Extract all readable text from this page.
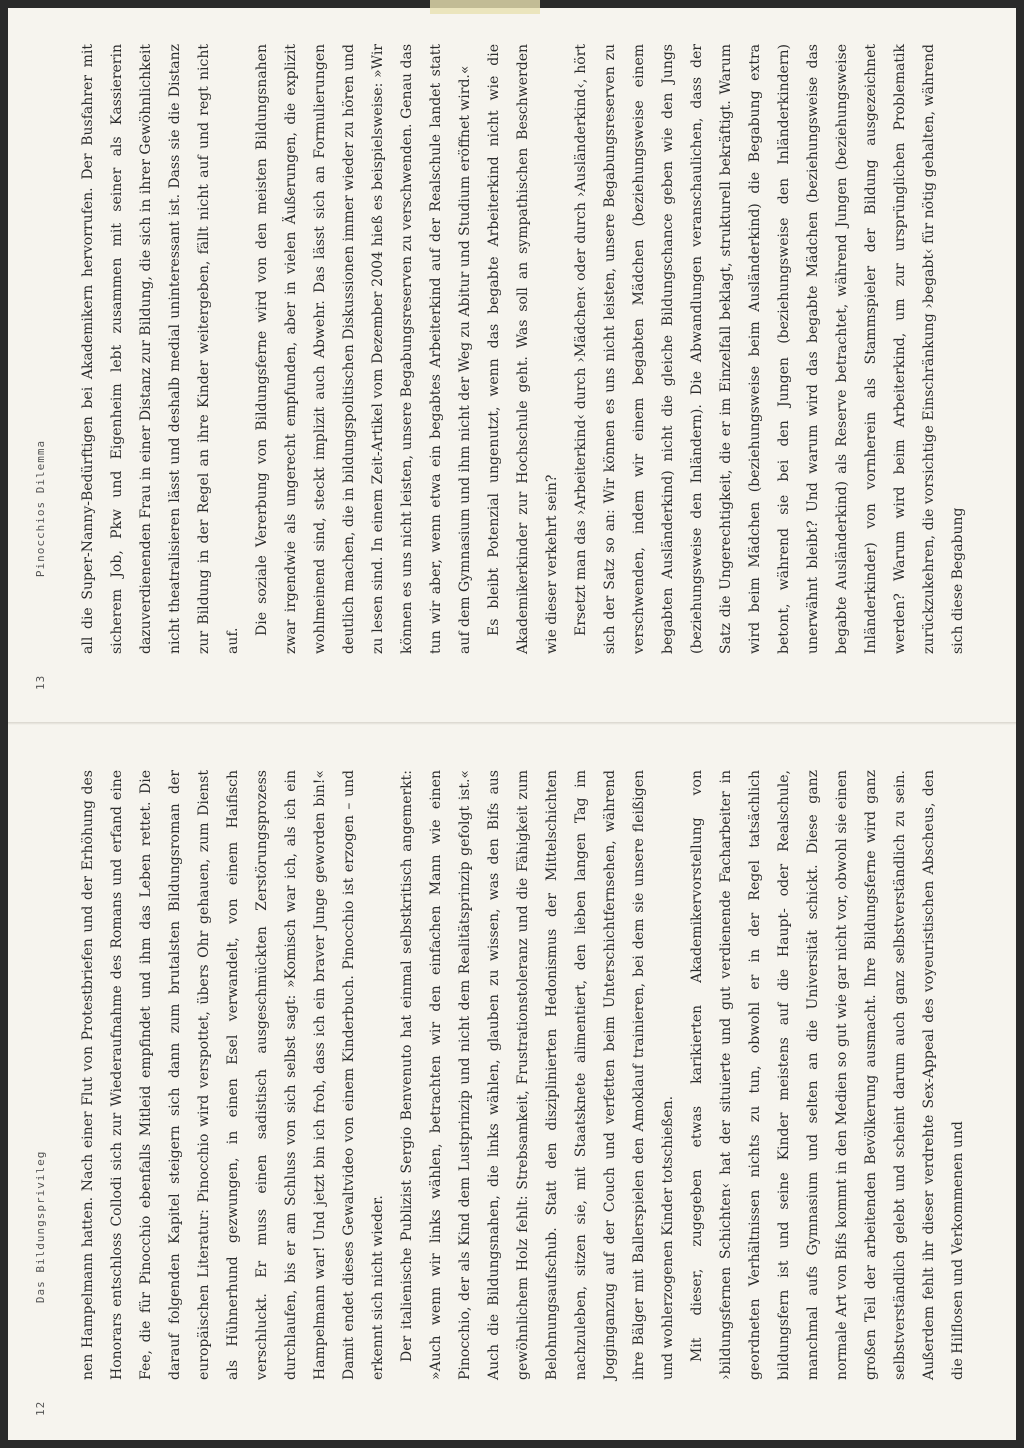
13 Pinocchios Dilemma	all die Super-Nanny-Bedürftigen bei Akademikern hervorrufen. Der Busfahrer mit sicherem Job, Pkw und Eigenheim lebt zusammen mit seiner als Kassiererin dazuverdienenden Frau in einer Distanz zur Bildung, die sich in ihrer Gewöhnlichkeit nicht theatralisieren lässt und deshalb medial uninteressant ist. Dass sie die Distanz zur Bildung in der Regel an ihre Kinder weitergeben, fällt nicht auf und regt nicht auf.

Die soziale Vererbung von Bildungsferne wird von den meisten Bildungsnahen zwar irgendwie als ungerecht empfunden, aber in vielen Äußerungen, die explizit wohlmeinend sind, steckt implizit auch Abwehr. Das lässt sich an Formulierungen deutlich machen, die in bildungspolitischen Diskussionen immer wieder zu hören und zu lesen sind. In einem Zeit-Artikel vom Dezember 2004 hieß es beispielsweise: »Wir können es uns nicht leisten, unsere Begabungsreserven zu verschwenden. Genau das tun wir aber, wenn etwa ein begabtes Arbeiterkind auf der Realschule landet statt auf dem Gymnasium und ihm nicht der Weg zu Abitur und Studium eröffnet wird.« Es bleibt Potenzial ungenutzt, wenn das begabte Arbeiterkind nicht wie die Akademikerkinder zur Hochschule geht. Was soll an sympathischen Beschwerden wie dieser verkehrt sein? Ersetzt man das ›Arbeiterkind‹ durch ›Mädchen‹ oder durch ›Ausländerkind‹, hört sich der Satz so an: Wir können es uns nicht leisten, unsere Begabungsreserven zu verschwenden, indem wir einem begabten Mädchen (beziehungsweise einem begabten Ausländerkind) nicht die gleiche Bildungschance geben wie den Jungs (beziehungsweise den Inländern). Die Abwandlungen veranschaulichen, dass der Satz die Ungerechtigkeit, die er im Einzelfall beklagt, strukturell bekräftigt. Warum wird beim Mädchen (beziehungsweise beim Ausländerkind) die Begabung extra betont, während sie bei den Jungen (beziehungsweise den Inländerkindern) unerwähnt bleibt? Und warum wird das begabte Mädchen (beziehungsweise das begabte Ausländerkind) als Reserve betrachtet, während Jungen (beziehungsweise Inländerkinder) von vornherein als Stammspieler der Bildung ausgezeichnet werden? Warum wird beim Arbeiterkind, um zur ursprünglichen Problematik zurückzukehren, die vorsichtige Einschränkung ›begabt‹ für nötig gehalten, während sich diese Begabung

12 Das Bildungsprivileg	nen Hampelmann hatten. Nach einer Flut von Protestbriefen und der Erhöhung des Honorars entschloss Collodi sich zur Wiederaufnahme des Romans und erfand eine Fee, die für Pinocchio ebenfalls Mitleid empfindet und ihm das Leben rettet. Die darauf folgenden Kapitel steigern sich dann zum brutalsten Bildungsroman der europäischen Literatur: Pinocchio wird verspottet, übers Ohr gehauen, zum Dienst als Hühnerhund gezwungen, in einen Esel verwandelt, von einem Haifisch verschluckt. Er muss einen sadistisch ausgeschmückten Zerstörungsprozess durchlaufen, bis er am Schluss von sich selbst sagt: »Komisch war ich, als ich ein Hampelmann war! Und jetzt bin ich froh, dass ich ein braver Junge geworden bin!« Damit endet dieses Gewaltvideo von einem Kinderbuch. Pinocchio ist erzogen – und erkennt sich nicht wieder. Der italienische Publizist Sergio Benvenuto hat einmal selbstkritisch angemerkt: »Auch wenn wir links wählen, betrachten wir den einfachen Mann wie einen Pinocchio, der als Kind dem Lustprinzip und nicht dem Realitätsprinzip gefolgt ist.« Auch die Bildungsnahen, die links wählen, glauben zu wissen, was den Bifs aus gewöhnlichem Holz fehlt: Strebsamkeit, Frustrationstoleranz und die Fähigkeit zum Belohnungsaufschub. Statt den disziplinierten Hedonismus der Mittelschichten nachzuleben, sitzen sie, mit Staatsknete alimentiert, den lieben langen Tag im Jogginganzug auf der Couch und verfetten beim Unterschichtfernsehen, während ihre Bälger mit Ballerspielen den Amoklauf trainieren, bei dem sie unsere fleißigen und wohlerzogenen Kinder totschießen. Mit dieser, zugegeben etwas karikierten Akademikervorstellung von ›bildungsfernen Schichten‹ hat der situierte und gut verdienende Facharbeiter in geordneten Verhältnissen nichts zu tun, obwohl er in der Regel tatsächlich bildungsfern ist und seine Kinder meistens auf die Haupt- oder Realschule, manchmal aufs Gymnasium und selten an die Universität schickt. Diese ganz normale Art von Bifs kommt in den Medien so gut wie gar nicht vor, obwohl sie einen großen Teil der arbeitenden Bevölkerung ausmacht. Ihre Bildungsferne wird ganz selbstverständlich gelebt und scheint darum auch ganz selbstverständlich zu sein. Außerdem fehlt ihr dieser verdrehte Sex-Appeal des voyeuristischen Abscheus, den die Hilflosen und Verkommenen und
